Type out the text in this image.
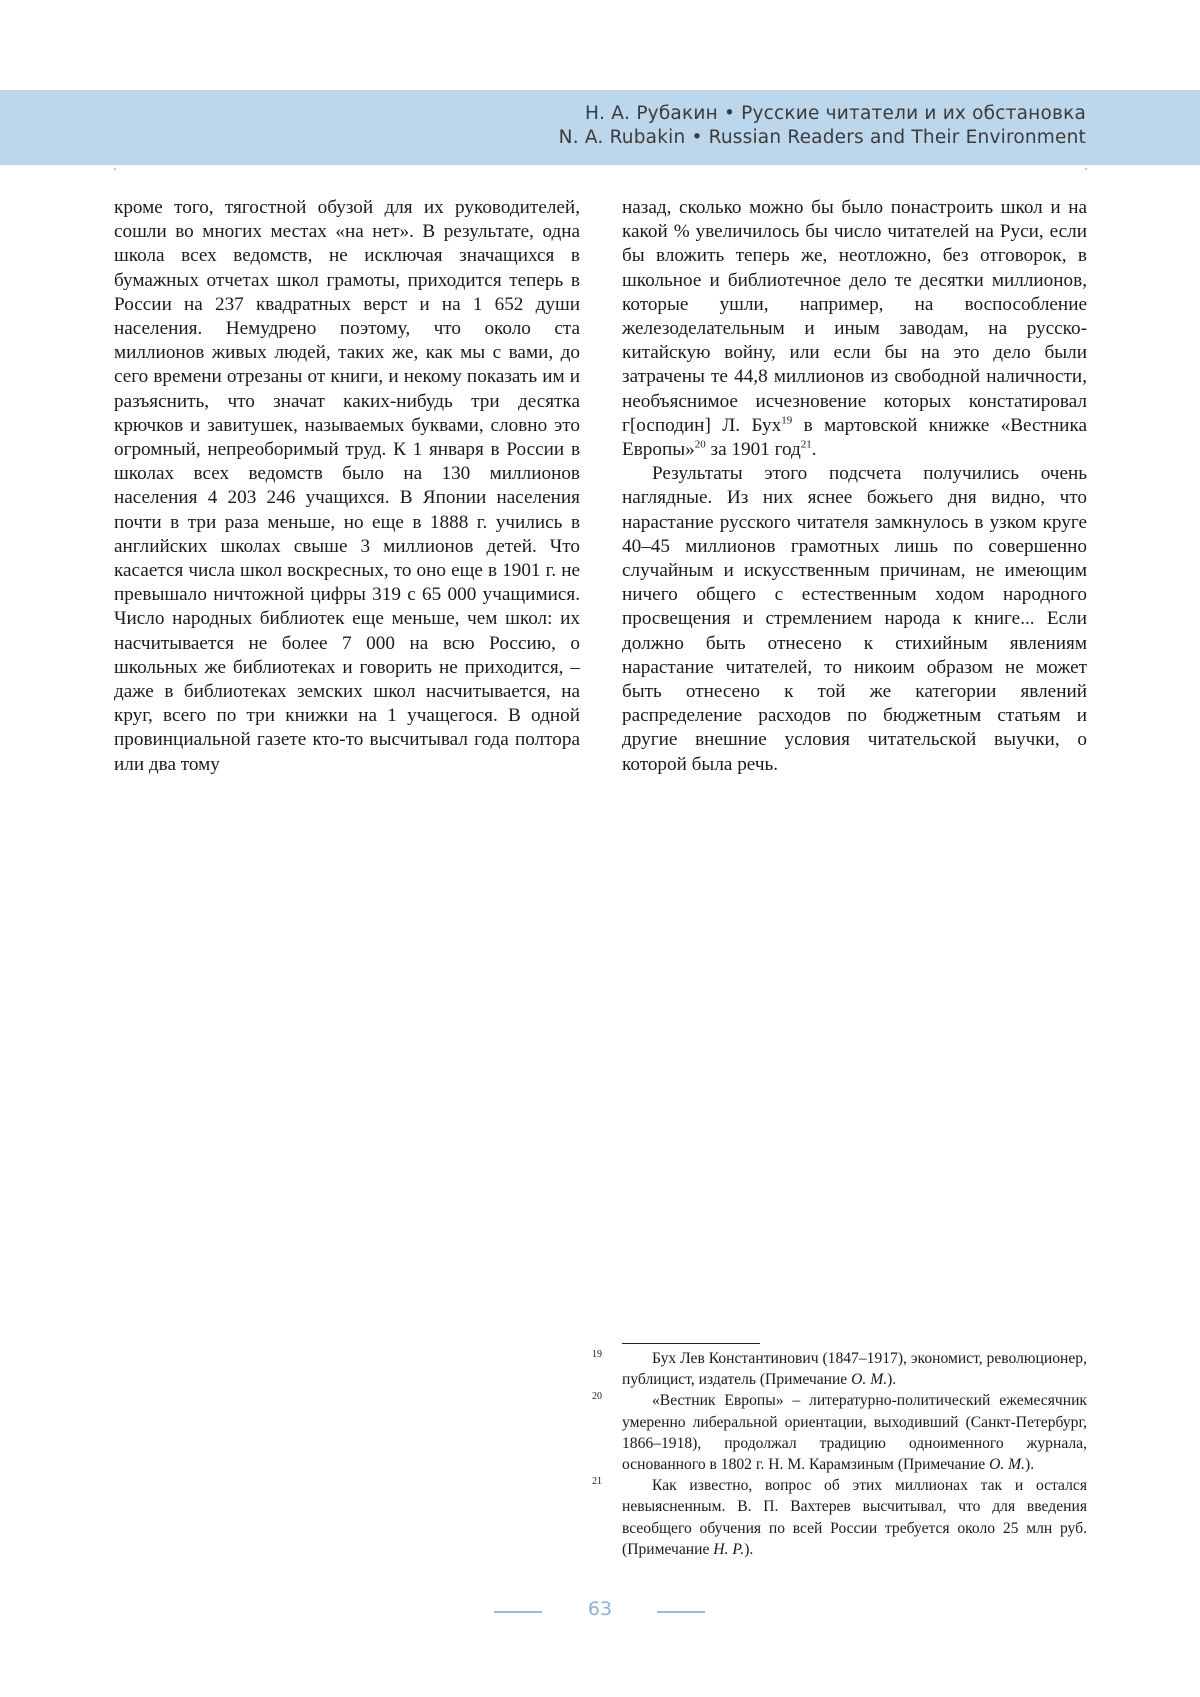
Н. А. Рубакин • Русские читатели и их обстановка
N. A. Rubakin • Russian Readers and Their Environment

кроме того, тягостной обузой для их руководителей, сошли во многих местах «на нет». В результате, одна школа всех ведомств, не исключая значащихся в бумажных отчетах школ грамоты, приходится теперь в России на 237 квадратных верст и на 1 652 души населения. Немудрено поэтому, что около ста миллионов живых людей, таких же, как мы с вами, до сего времени отрезаны от книги, и некому показать им и разъяснить, что значат каких-нибудь три десятка крючков и завитушек, называемых буквами, словно это огромный, непреоборимый труд. К 1 января в России в школах всех ведомств было на 130 миллионов населения 4 203 246 учащихся. В Японии населения почти в три раза меньше, но еще в 1888 г. учились в английских школах свыше 3 миллионов детей. Что касается числа школ воскресных, то оно еще в 1901 г. не превышало ничтожной цифры 319 с 65 000 учащимися. Число народных библиотек еще меньше, чем школ: их насчитывается не более 7 000 на всю Россию, о школьных же библиотеках и говорить не приходится, – даже в библиотеках земских школ насчитывается, на круг, всего по три книжки на 1 учащегося. В одной провинциальной газете кто-то высчитывал года полтора или два тому

назад, сколько можно бы было понастроить школ и на какой % увеличилось бы число читателей на Руси, если бы вложить теперь же, неотложно, без отговорок, в школьное и библиотечное дело те десятки миллионов, которые ушли, например, на воспособление железоделательным и иным заводам, на русско-китайскую войну, или если бы на это дело были затрачены те 44,8 миллионов из свободной наличности, необъяснимое исчезновение которых констатировал г[осподин] Л. Бух$^{19}$ в мартовской книжке «Вестника Европы»$^{20}$ за 1901 год$^{21}$.

Результаты этого подсчета получились очень наглядные. Из них яснее божьего дня видно, что нарастание русского читателя замкнулось в узком круге 40–45 миллионов грамотных лишь по совершенно случайным и искусственным причинам, не имеющим ничего общего с естественным ходом народного просвещения и стремлением народа к книге... Если должно быть отнесено к стихийным явлениям нарастание читателей, то никоим образом не может быть отнесено к той же категории явлений распределение расходов по бюджетным статьям и другие внешние условия читательской выучки, о которой была речь.

19	Бух Лев Константинович (1847–1917), экономист, революционер, публицист, издатель (Примечание О. М.).

20	«Вестник Европы» – литературно-политический ежемесячник умеренно либеральной ориентации, выходивший (Санкт-Петербург, 1866–1918), продолжал традицию одноименного журнала, основанного в 1802 г. Н. М. Карамзиным (Примечание О. М.).

21	Как известно, вопрос об этих миллионах так и остался невыясненным. В. П. Вахтерев высчитывал, что для введения всеобщего обучения по всей России требуется около 25 млн руб. (Примечание Н. Р.).

63
